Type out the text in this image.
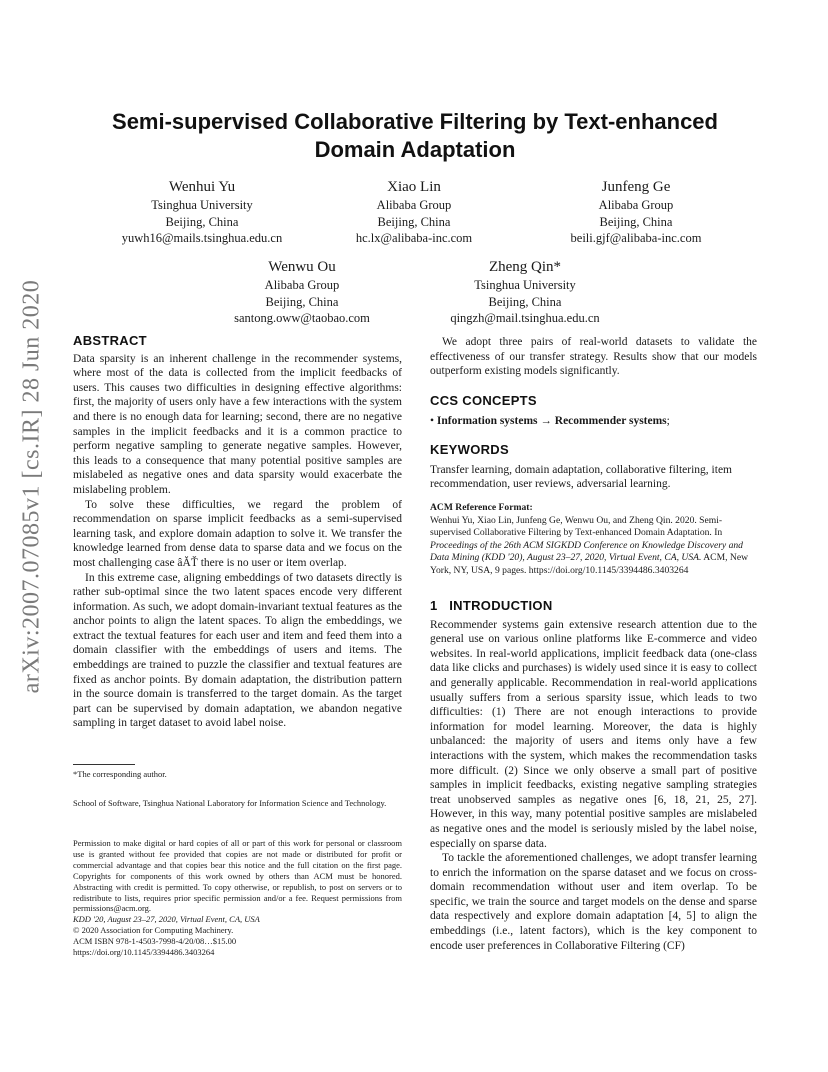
arXiv:2007.07085v1 [cs.IR] 28 Jun 2020
Semi-supervised Collaborative Filtering by Text-enhanced Domain Adaptation
Wenhui Yu
Tsinghua University
Beijing, China
yuwh16@mails.tsinghua.edu.cn
Xiao Lin
Alibaba Group
Beijing, China
hc.lx@alibaba-inc.com
Junfeng Ge
Alibaba Group
Beijing, China
beili.gjf@alibaba-inc.com
Wenwu Ou
Alibaba Group
Beijing, China
santong.oww@taobao.com
Zheng Qin*
Tsinghua University
Beijing, China
qingzh@mail.tsinghua.edu.cn
ABSTRACT

Data sparsity is an inherent challenge in the recommender systems, where most of the data is collected from the implicit feedbacks of users. This causes two difficulties in designing effective algorithms: first, the majority of users only have a few interactions with the system and there is no enough data for learning; second, there are no negative samples in the implicit feedbacks and it is a common practice to perform negative sampling to generate negative samples. However, this leads to a consequence that many potential positive samples are mislabeled as negative ones and data sparsity would exacerbate the mislabeling problem.

To solve these difficulties, we regard the problem of recommendation on sparse implicit feedbacks as a semi-supervised learning task, and explore domain adaption to solve it. We transfer the knowledge learned from dense data to sparse data and we focus on the most challenging case âĂŤ there is no user or item overlap.

In this extreme case, aligning embeddings of two datasets directly is rather sub-optimal since the two latent spaces encode very different information. As such, we adopt domain-invariant textual features as the anchor points to align the latent spaces. To align the embeddings, we extract the textual features for each user and item and feed them into a domain classifier with the embeddings of users and items. The embeddings are trained to puzzle the classifier and textual features are fixed as anchor points. By domain adaptation, the distribution pattern in the source domain is transferred to the target domain. As the target part can be supervised by domain adaptation, we abandon negative sampling in target dataset to avoid label noise.

*The corresponding author.

School of Software, Tsinghua National Laboratory for Information Science and Technology.

Permission to make digital or hard copies of all or part of this work for personal or classroom use is granted without fee provided that copies are not made or distributed for profit or commercial advantage and that copies bear this notice and the full citation on the first page. Copyrights for components of this work owned by others than ACM must be honored. Abstracting with credit is permitted. To copy otherwise, or republish, to post on servers or to redistribute to lists, requires prior specific permission and/or a fee. Request permissions from permissions@acm.org.

KDD '20, August 23–27, 2020, Virtual Event, CA, USA

© 2020 Association for Computing Machinery.

ACM ISBN 978-1-4503-7998-4/20/08…$15.00

https://doi.org/10.1145/3394486.3403264

We adopt three pairs of real-world datasets to validate the effectiveness of our transfer strategy. Results show that our models outperform existing models significantly.

CCS CONCEPTS

• Information systems → Recommender systems;

KEYWORDS

Transfer learning, domain adaptation, collaborative filtering, item recommendation, user reviews, adversarial learning.

ACM Reference Format:

Wenhui Yu, Xiao Lin, Junfeng Ge, Wenwu Ou, and Zheng Qin. 2020. Semi-supervised Collaborative Filtering by Text-enhanced Domain Adaptation. In Proceedings of the 26th ACM SIGKDD Conference on Knowledge Discovery and Data Mining (KDD '20), August 23–27, 2020, Virtual Event, CA, USA. ACM, New York, NY, USA, 9 pages. https://doi.org/10.1145/3394486.3403264

1   INTRODUCTION

Recommender systems gain extensive research attention due to the general use on various online platforms like E-commerce and video websites. In real-world applications, implicit feedback data (one-class data like clicks and purchases) is widely used since it is easy to collect and generally applicable. Recommendation in real-world applications usually suffers from a serious sparsity issue, which leads to two difficulties: (1) There are not enough interactions to provide information for model learning. Moreover, the data is highly unbalanced: the majority of users and items only have a few interactions with the system, which makes the recommendation tasks more difficult. (2) Since we only observe a small part of positive samples in implicit feedbacks, existing negative sampling strategies treat unobserved samples as negative ones [6, 18, 21, 25, 27]. However, in this way, many potential positive samples are mislabeled as negative ones and the model is seriously misled by the label noise, especially on sparse data.

To tackle the aforementioned challenges, we adopt transfer learning to enrich the information on the sparse dataset and we focus on cross-domain recommendation without user and item overlap. To be specific, we train the source and target models on the dense and sparse data respectively and explore domain adaptation [4, 5] to align the embeddings (i.e., latent factors), which is the key component to encode user preferences in Collaborative Filtering (CF)
